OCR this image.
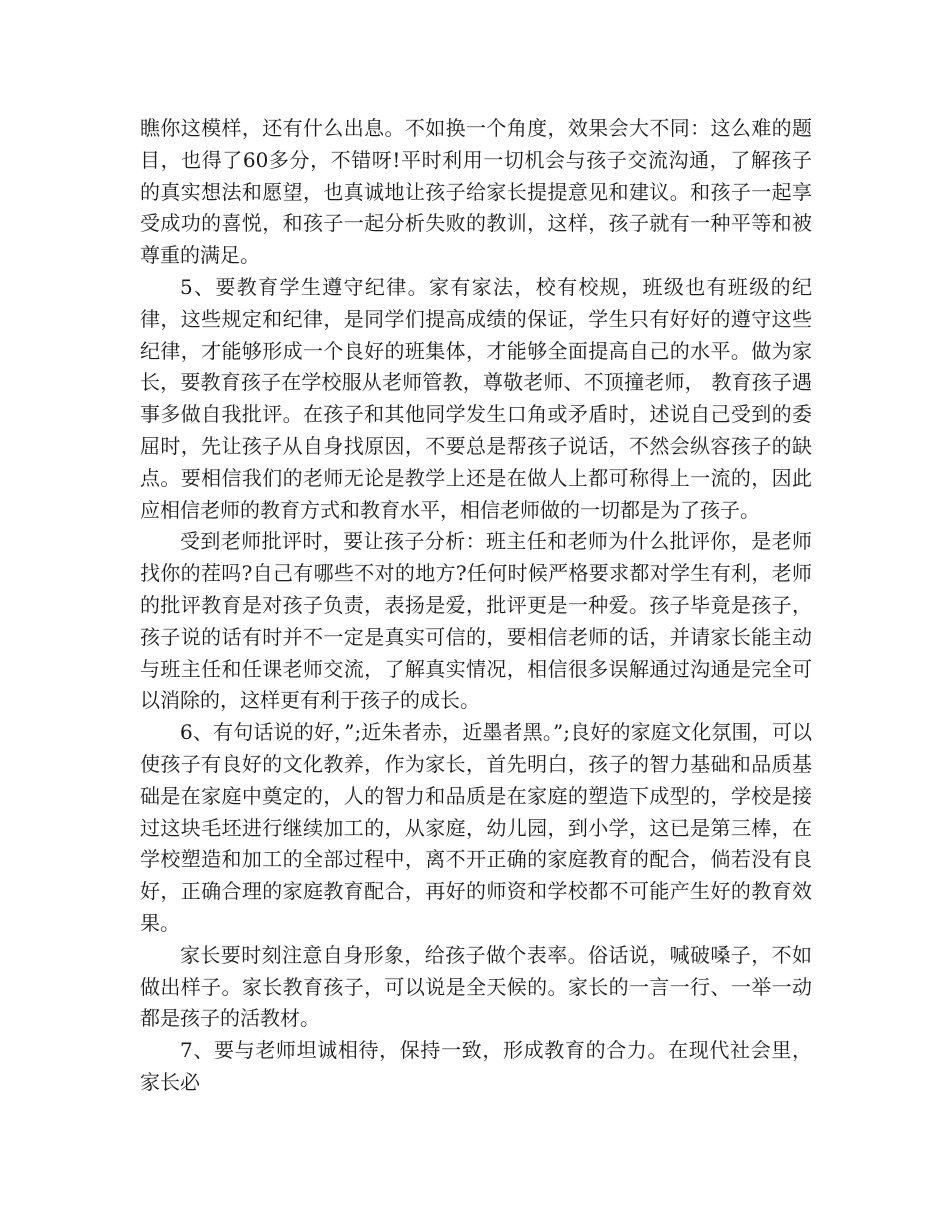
瞧你这模样，还有什么出息。不如换一个角度，效果会大不同：这么难的题目，也得了60多分，不错呀!平时利用一切机会与孩子交流沟通，了解孩子的真实想法和愿望，也真诚地让孩子给家长提提意见和建议。和孩子一起享受成功的喜悦，和孩子一起分析失败的教训，这样，孩子就有一种平等和被尊重的满足。

5、要教育学生遵守纪律。家有家法，校有校规，班级也有班级的纪律，这些规定和纪律，是同学们提高成绩的保证，学生只有好好的遵守这些纪律，才能够形成一个良好的班集体，才能够全面提高自己的水平。做为家长，要教育孩子在学校服从老师管教，尊敬老师、不顶撞老师， 教育孩子遇事多做自我批评。在孩子和其他同学发生口角或矛盾时，述说自己受到的委屈时，先让孩子从自身找原因，不要总是帮孩子说话，不然会纵容孩子的缺点。要相信我们的老师无论是教学上还是在做人上都可称得上一流的，因此应相信老师的教育方式和教育水平，相信老师做的一切都是为了孩子。

受到老师批评时，要让孩子分析：班主任和老师为什么批评你，是老师找你的茬吗?自己有哪些不对的地方?任何时候严格要求都对学生有利，老师的批评教育是对孩子负责，表扬是爱，批评更是一种爱。孩子毕竟是孩子，孩子说的话有时并不一定是真实可信的，要相信老师的话，并请家长能主动与班主任和任课老师交流，了解真实情况，相信很多误解通过沟通是完全可以消除的，这样更有利于孩子的成长。

6、有句话说的好，”;近朱者赤，近墨者黑。”;良好的家庭文化氛围，可以使孩子有良好的文化教养，作为家长，首先明白，孩子的智力基础和品质基础是在家庭中奠定的，人的智力和品质是在家庭的塑造下成型的，学校是接过这块毛坯进行继续加工的，从家庭，幼儿园，到小学，这已是第三棒，在学校塑造和加工的全部过程中，离不开正确的家庭教育的配合，倘若没有良好，正确合理的家庭教育配合，再好的师资和学校都不可能产生好的教育效果。

家长要时刻注意自身形象，给孩子做个表率。俗话说，喊破嗓子，不如做出样子。家长教育孩子，可以说是全天候的。家长的一言一行、一举一动都是孩子的活教材。

7、要与老师坦诚相待，保持一致，形成教育的合力。在现代社会里，家长必
